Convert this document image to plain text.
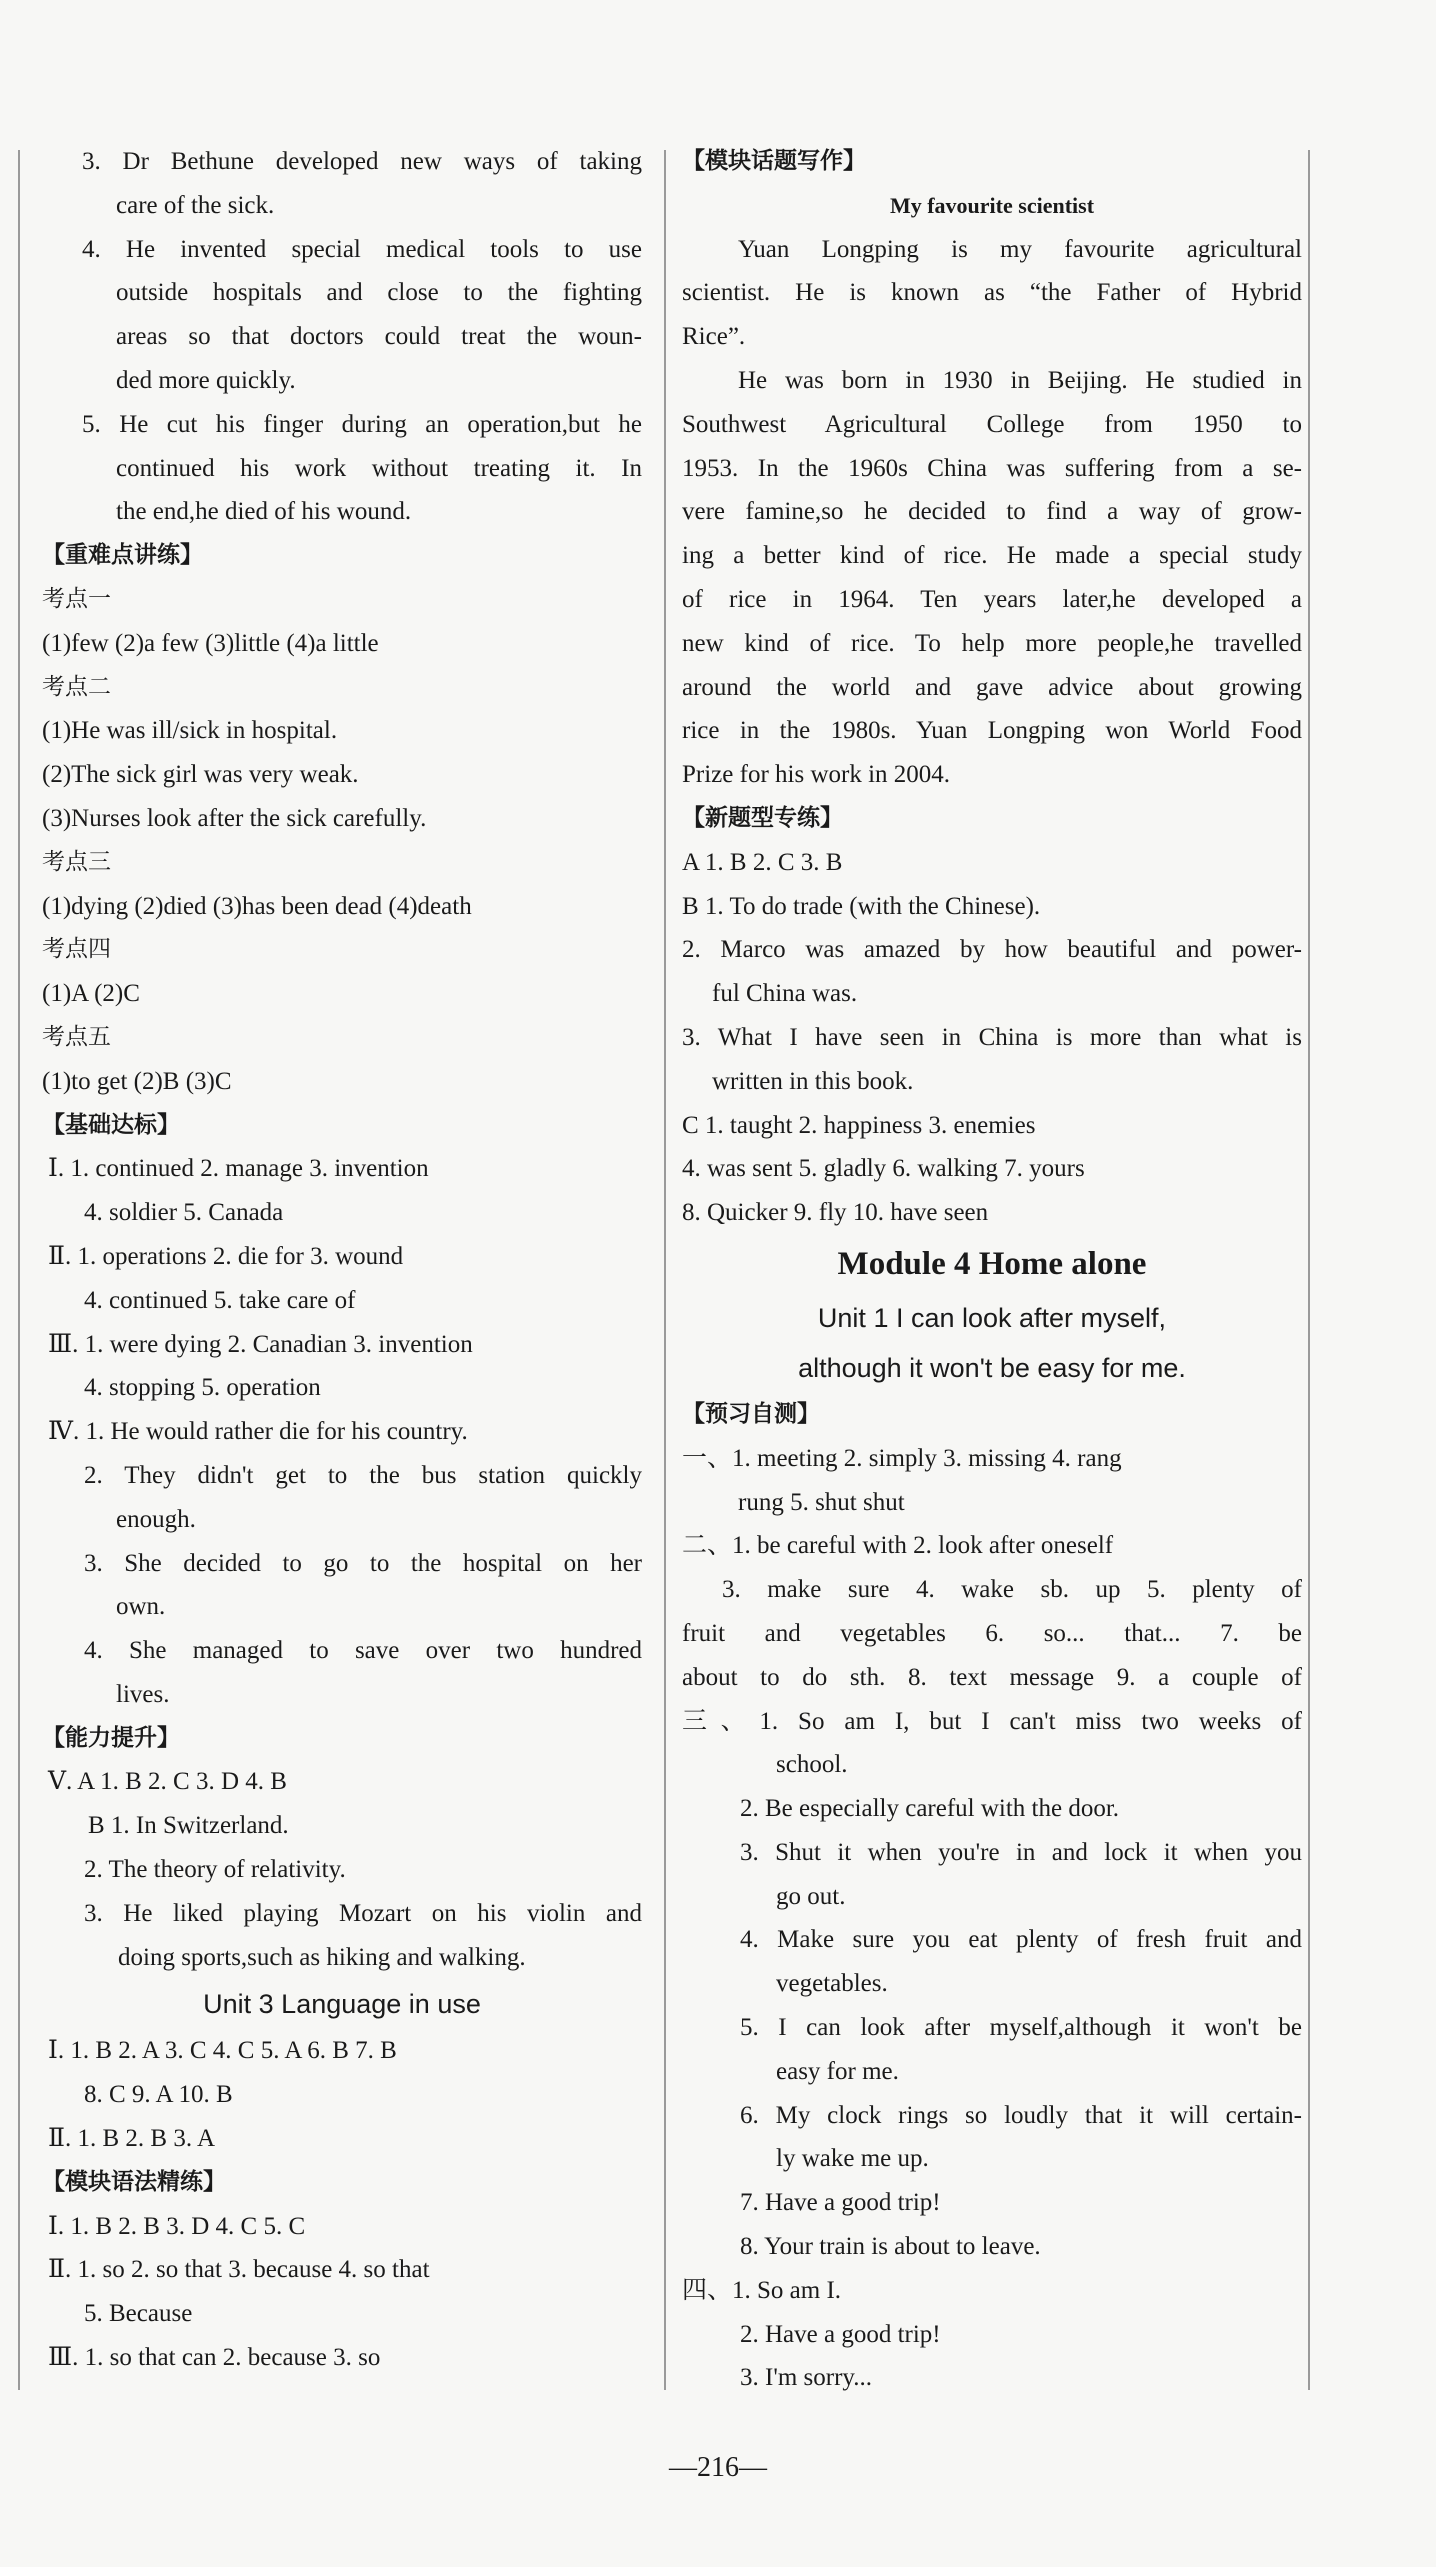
3. Dr Bethune developed new ways of taking
care of the sick.
4. He invented special medical tools to use
outside hospitals and close to the fighting
areas so that doctors could treat the woun-
ded more quickly.
5. He cut his finger during an operation,but he
continued his work without treating it. In
the end,he died of his wound.
【重难点讲练】
考点一
(1)few (2)a few (3)little (4)a little
考点二
(1)He was ill/sick in hospital.
(2)The sick girl was very weak.
(3)Nurses look after the sick carefully.
考点三
(1)dying (2)died (3)has been dead (4)death
考点四
(1)A (2)C
考点五
(1)to get (2)B (3)C
【基础达标】
Ⅰ. 1. continued 2. manage 3. invention
4. soldier 5. Canada
Ⅱ. 1. operations 2. die for 3. wound
4. continued 5. take care of
Ⅲ. 1. were dying 2. Canadian 3. invention
4. stopping 5. operation
Ⅳ. 1. He would rather die for his country.
2. They didn't get to the bus station quickly
enough.
3. She decided to go to the hospital on her
own.
4. She managed to save over two hundred
lives.
【能力提升】
Ⅴ. A 1. B 2. C 3. D 4. B
B 1. In Switzerland.
2. The theory of relativity.
3. He liked playing Mozart on his violin and
doing sports,such as hiking and walking.
Unit 3 Language in use
Ⅰ. 1. B 2. A 3. C 4. C 5. A 6. B 7. B
8. C 9. A 10. B
Ⅱ. 1. B 2. B 3. A
【模块语法精练】
Ⅰ. 1. B 2. B 3. D 4. C 5. C
Ⅱ. 1. so 2. so that 3. because 4. so that
5. Because
Ⅲ. 1. so that can 2. because 3. so
【模块话题写作】
My favourite scientist
Yuan Longping is my favourite agricultural
scientist. He is known as “the Father of Hybrid
Rice”.
He was born in 1930 in Beijing. He studied in
Southwest Agricultural College from 1950 to
1953. In the 1960s China was suffering from a se-
vere famine,so he decided to find a way of grow-
ing a better kind of rice. He made a special study
of rice in 1964. Ten years later,he developed a
new kind of rice. To help more people,he travelled
around the world and gave advice about growing
rice in the 1980s. Yuan Longping won World Food
Prize for his work in 2004.
【新题型专练】
A 1. B 2. C 3. B
B 1. To do trade (with the Chinese).
2. Marco was amazed by how beautiful and power-
ful China was.
3. What I have seen in China is more than what is
written in this book.
C 1. taught 2. happiness 3. enemies
4. was sent 5. gladly 6. walking 7. yours
8. Quicker 9. fly 10. have seen
Module 4 Home alone
Unit 1 I can look after myself,
although it won't be easy for me.
【预习自测】
一、1. meeting 2. simply 3. missing 4. rang
rung 5. shut shut
二、1. be careful with 2. look after oneself
3. make sure 4. wake sb. up 5. plenty of
fruit and vegetables 6. so... that... 7. be
about to do sth. 8. text message 9. a couple of
三、1. So am I, but I can't miss two weeks of
school.
2. Be especially careful with the door.
3. Shut it when you're in and lock it when you
go out.
4. Make sure you eat plenty of fresh fruit and
vegetables.
5. I can look after myself,although it won't be
easy for me.
6. My clock rings so loudly that it will certain-
ly wake me up.
7. Have a good trip!
8. Your train is about to leave.
四、1. So am I.
2. Have a good trip!
3. I'm sorry...
—216—
